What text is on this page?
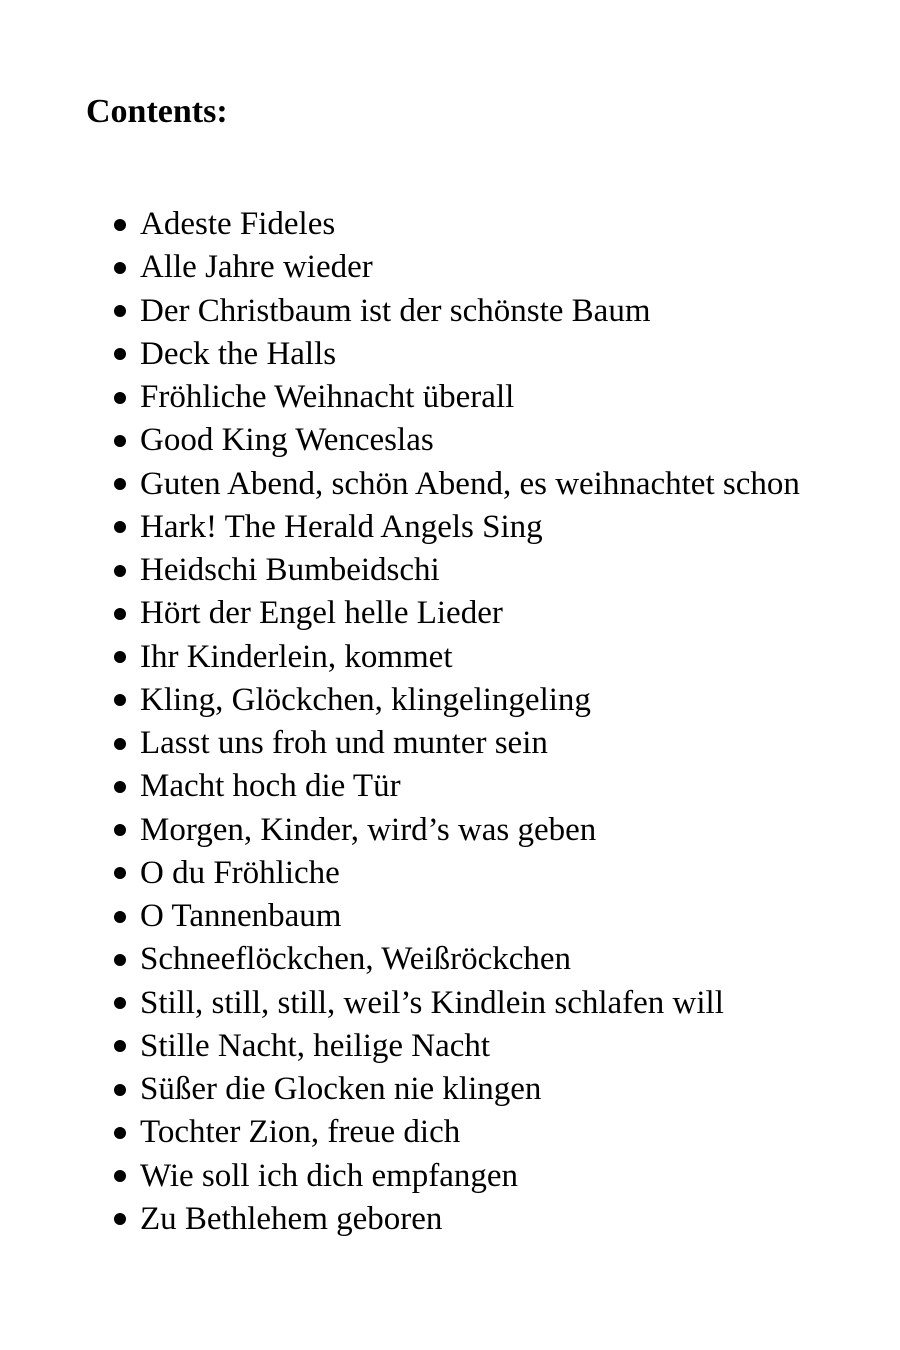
Contents:
Adeste Fideles
Alle Jahre wieder
Der Christbaum ist der schönste Baum
Deck the Halls
Fröhliche Weihnacht überall
Good King Wenceslas
Guten Abend, schön Abend, es weihnachtet schon
Hark! The Herald Angels Sing
Heidschi Bumbeidschi
Hört der Engel helle Lieder
Ihr Kinderlein, kommet
Kling, Glöckchen, klingelingeling
Lasst uns froh und munter sein
Macht hoch die Tür
Morgen, Kinder, wird’s was geben
O du Fröhliche
O Tannenbaum
Schneeflöckchen, Weißröckchen
Still, still, still, weil’s Kindlein schlafen will
Stille Nacht, heilige Nacht
Süßer die Glocken nie klingen
Tochter Zion, freue dich
Wie soll ich dich empfangen
Zu Bethlehem geboren
